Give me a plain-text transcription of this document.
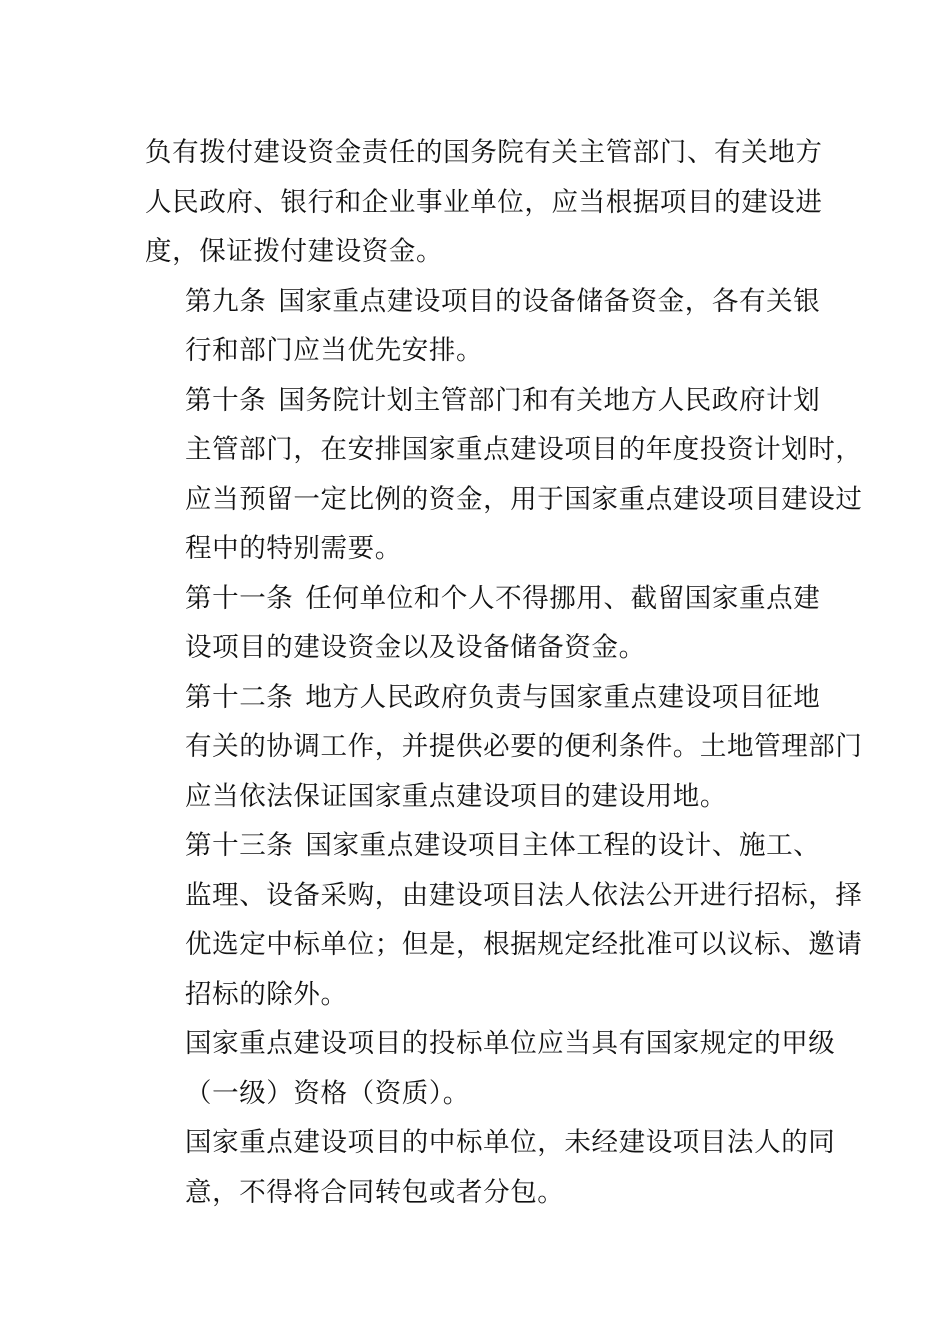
负有拨付建设资金责任的国务院有关主管部门、有关地方
人民政府、银行和企业事业单位，应当根据项目的建设进
度，保证拨付建设资金。
第九条 国家重点建设项目的设备储备资金，各有关银
行和部门应当优先安排。
第十条 国务院计划主管部门和有关地方人民政府计划
主管部门，在安排国家重点建设项目的年度投资计划时，
应当预留一定比例的资金，用于国家重点建设项目建设过
程中的特别需要。
第十一条 任何单位和个人不得挪用、截留国家重点建
设项目的建设资金以及设备储备资金。
第十二条 地方人民政府负责与国家重点建设项目征地
有关的协调工作，并提供必要的便利条件。土地管理部门
应当依法保证国家重点建设项目的建设用地。
第十三条 国家重点建设项目主体工程的设计、施工、
监理、设备采购，由建设项目法人依法公开进行招标，择
优选定中标单位；但是，根据规定经批准可以议标、邀请
招标的除外。
国家重点建设项目的投标单位应当具有国家规定的甲级
（一级）资格（资质）。
国家重点建设项目的中标单位，未经建设项目法人的同
意，不得将合同转包或者分包。
